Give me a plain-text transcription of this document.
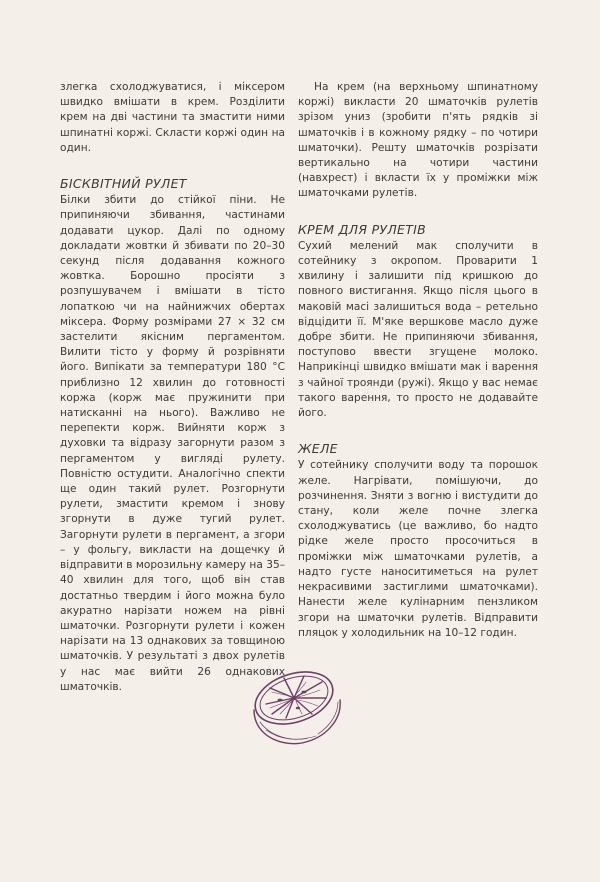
злегка схолоджуватися, і міксером швидко вмішати в крем. Розділити крем на дві частини та змастити ними шпинатні коржі. Скласти коржі один на один.

БІСКВІТНИЙ РУЛЕТ

Білки збити до стійкої піни. Не припиняючи збивання, частинами додавати цукор. Далі по одному докладати жовтки й збивати по 20–30 секунд після додавання кожного жовтка. Борошно просіяти з розпушувачем і вмішати в тісто лопаткою чи на найнижчих обертах міксера. Форму розмірами 27 × 32 см застелити якісним пергаментом. Вилити тісто у форму й розрівняти його. Випікати за температури 180 °C приблизно 12 хвилин до готовності коржа (корж має пружинити при натисканні на нього). Важливо не перепекти корж. Вийняти корж з духовки та відразу загорнути разом з пергаментом у вигляді рулету. Повністю остудити. Аналогічно спекти ще один такий рулет. Розгорнути рулети, змастити кремом і знову згорнути в дуже тугий рулет. Загорнути рулети в пергамент, а згори – у фольгу, викласти на дощечку й відправити в морозильну камеру на 35–40 хвилин для того, щоб він став достатньо твердим і його можна було акуратно нарізати ножем на рівні шматочки. Розгорнути рулети і кожен нарізати на 13 однакових за товщиною шматочків. У результаті з двох рулетів у нас має вийти 26 однакових шматочків.

На крем (на верхньому шпинатному коржі) викласти 20 шматочків рулетів зрізом униз (зробити п'ять рядків зі шматочків і в кожному рядку – по чотири шматочки). Решту шматочків розрізати вертикально на чотири частини (навхрест) і вкласти їх у проміжки між шматочками рулетів.

КРЕМ ДЛЯ РУЛЕТІВ

Сухий мелений мак сполучити в сотейнику з окропом. Проварити 1 хвилину і залишити під кришкою до повного вистигання. Якщо після цього в маковій масі залишиться вода – ретельно відцідити її. М'яке вершкове масло дуже добре збити. Не припиняючи збивання, поступово ввести згущене молоко. Наприкінці швидко вмішати мак і варення з чайної троянди (ружі). Якщо у вас немає такого варення, то просто не додавайте його.

ЖЕЛЕ

У сотейнику сполучити воду та порошок желе. Нагрівати, помішуючи, до розчинення. Зняти з вогню і вистудити до стану, коли желе почне злегка схолоджуватись (це важливо, бо надто рідке желе просто просочиться в проміжки між шматочками рулетів, а надто густе наноситиметься на рулет некрасивими застиглими шматочками). Нанести желе кулінарним пензликом згори на шматочки рулетів. Відправити пляцок у холодильник на 10–12 годин.
